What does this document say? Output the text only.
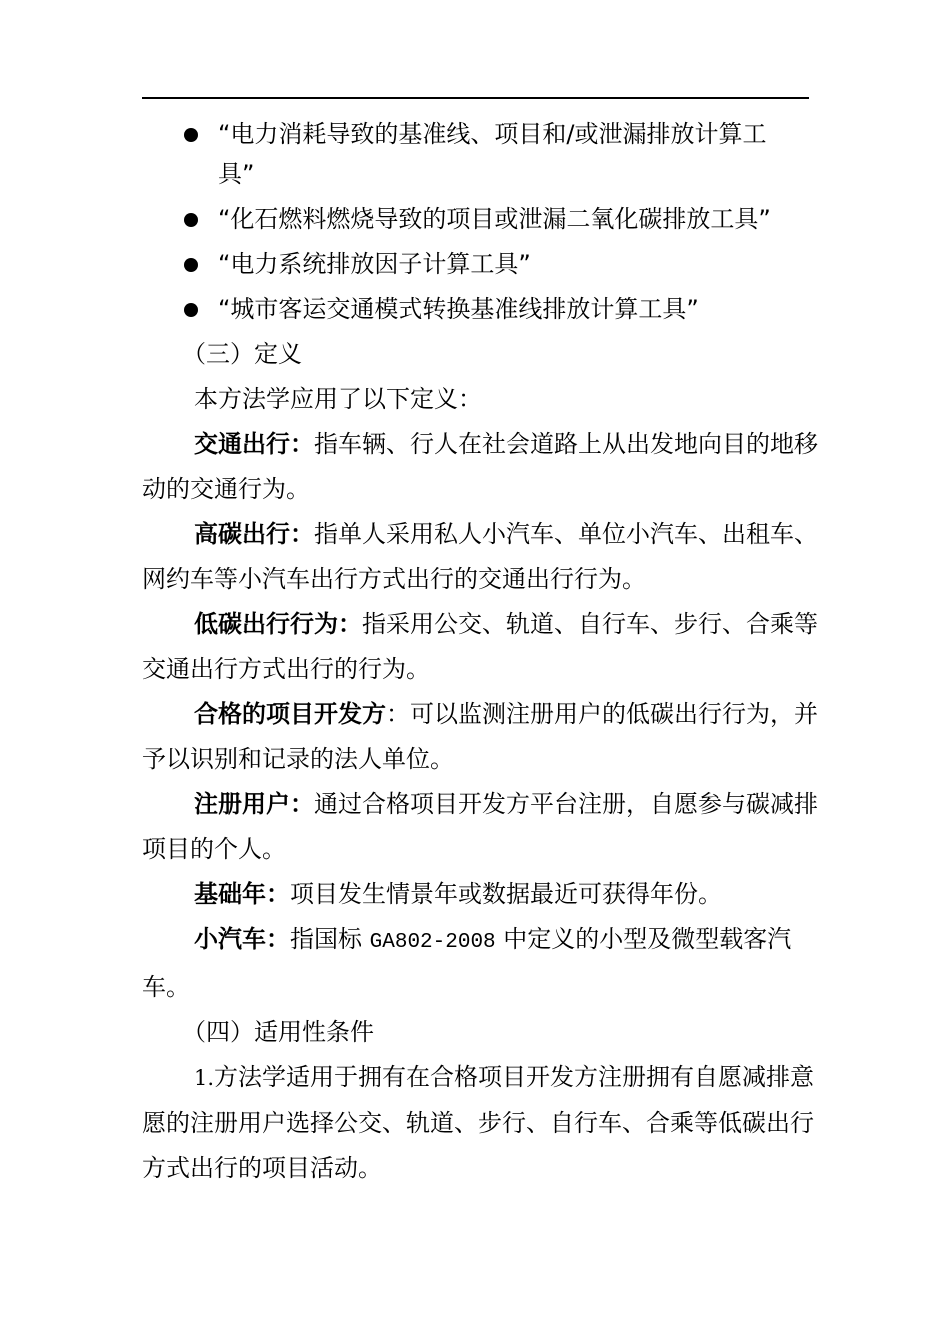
“电力消耗导致的基准线、项目和/或泄漏排放计算工
具”
“化石燃料燃烧导致的项目或泄漏二氧化碳排放工具”
“电力系统排放因子计算工具”
“城市客运交通模式转换基准线排放计算工具”

（三）定义

本方法学应用了以下定义：

交通出行：指车辆、行人在社会道路上从出发地向目的地移动的交通行为。

高碳出行：指单人采用私人小汽车、单位小汽车、出租车、网约车等小汽车出行方式出行的交通出行行为。

低碳出行行为：指采用公交、轨道、自行车、步行、合乘等交通出行方式出行的行为。

合格的项目开发方：可以监测注册用户的低碳出行行为，并予以识别和记录的法人单位。

注册用户：通过合格项目开发方平台注册，自愿参与碳减排项目的个人。

基础年：项目发生情景年或数据最近可获得年份。

小汽车：指国标 GA802-2008 中定义的小型及微型载客汽车。

（四）适用性条件

1.方法学适用于拥有在合格项目开发方注册拥有自愿减排意愿的注册用户选择公交、轨道、步行、自行车、合乘等低碳出行方式出行的项目活动。
